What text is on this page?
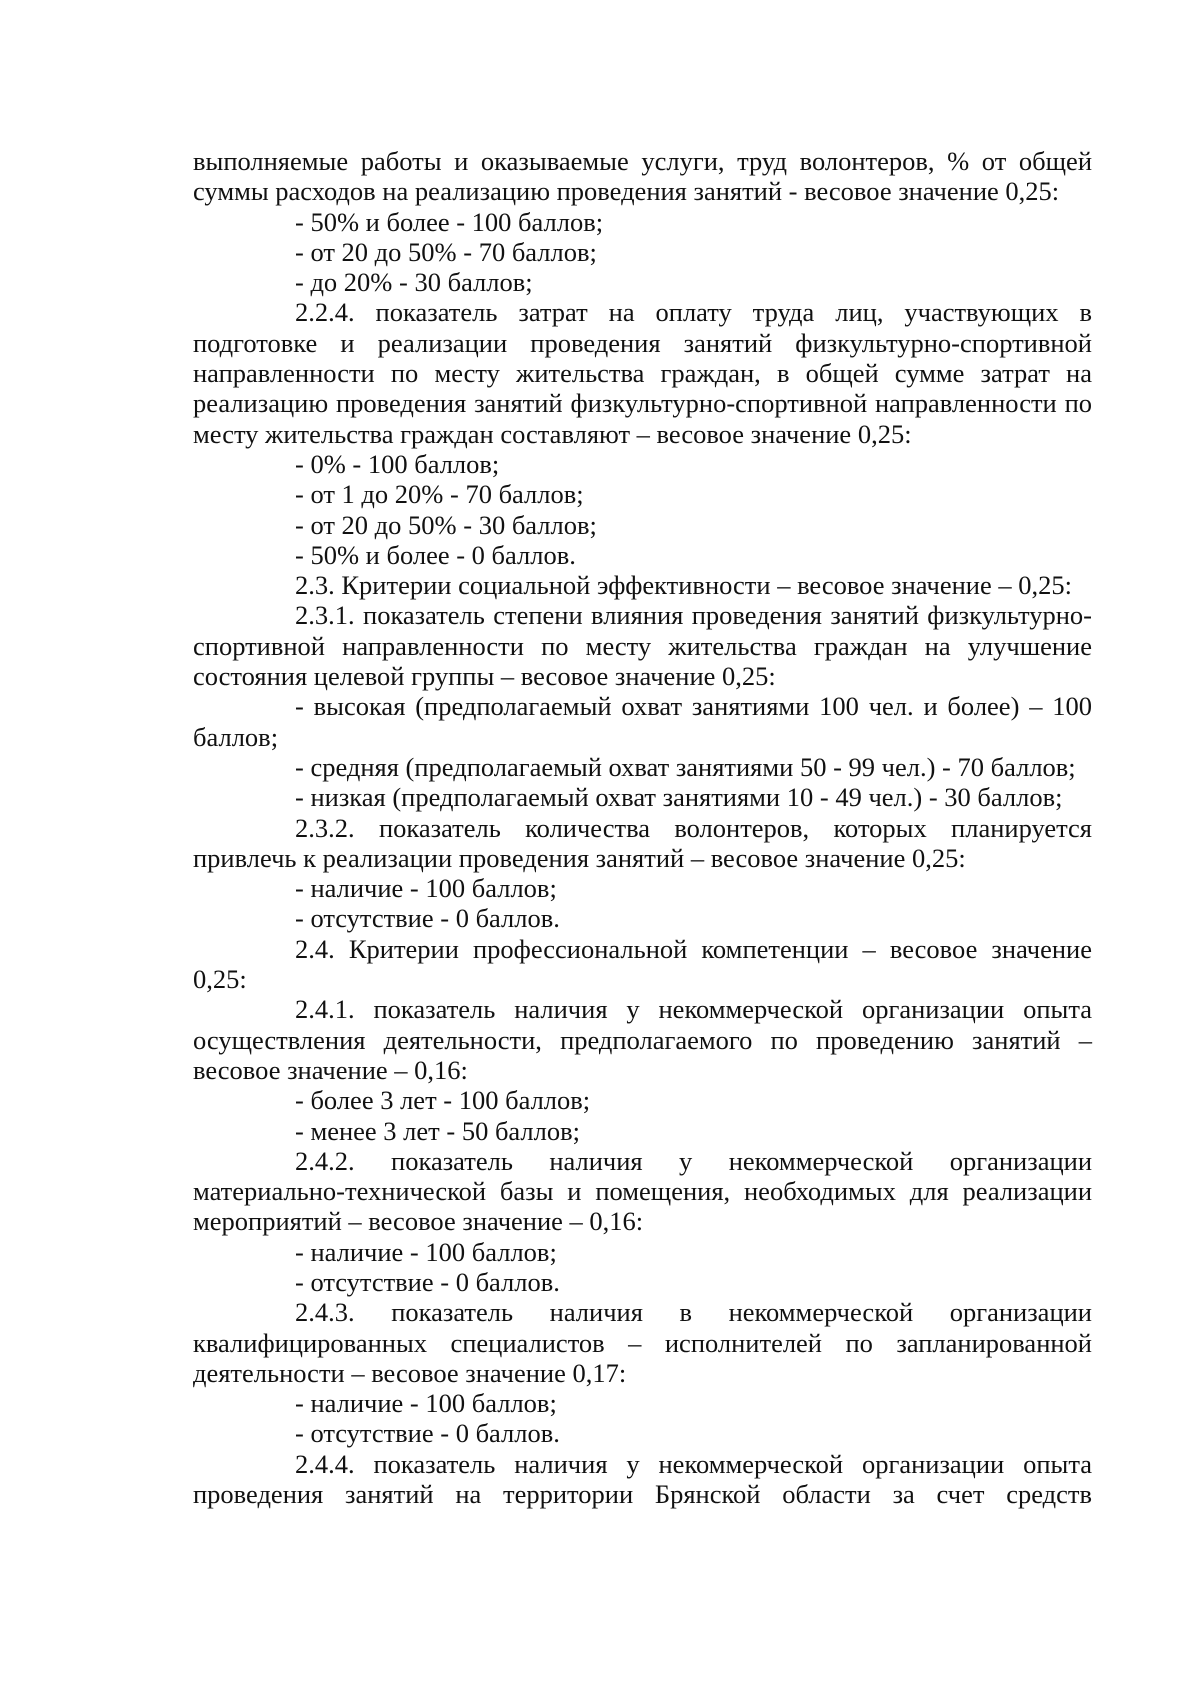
выполняемые работы и оказываемые услуги, труд волонтеров, % от общей суммы расходов на реализацию проведения занятий - весовое значение 0,25:

- 50% и более - 100 баллов;

- от 20 до 50% - 70 баллов;

- до 20% - 30 баллов;

2.2.4. показатель затрат на оплату труда лиц, участвующих в подготовке и реализации проведения занятий физкультурно-спортивной направленности по месту жительства граждан, в общей сумме затрат на реализацию проведения занятий физкультурно-спортивной направленности по месту жительства граждан составляют – весовое значение 0,25:

- 0% - 100 баллов;

- от 1 до 20% - 70 баллов;

- от 20 до 50% - 30 баллов;

- 50% и более - 0 баллов.

2.3. Критерии социальной эффективности – весовое значение – 0,25:

2.3.1. показатель степени влияния проведения занятий физкультурно-спортивной направленности по месту жительства граждан на улучшение состояния целевой группы – весовое значение 0,25:

- высокая (предполагаемый охват занятиями 100 чел. и более) – 100 баллов;

- средняя (предполагаемый охват занятиями 50 - 99 чел.) - 70 баллов;

- низкая (предполагаемый охват занятиями 10 - 49 чел.) - 30 баллов;

2.3.2. показатель количества волонтеров, которых планируется привлечь к реализации проведения занятий – весовое значение 0,25:

- наличие - 100 баллов;

- отсутствие - 0 баллов.

2.4. Критерии профессиональной компетенции – весовое значение 0,25:

2.4.1. показатель наличия у некоммерческой организации опыта осуществления деятельности, предполагаемого по проведению занятий – весовое значение – 0,16:

- более 3 лет - 100 баллов;

- менее 3 лет - 50 баллов;

2.4.2. показатель наличия у некоммерческой организации материально-технической базы и помещения, необходимых для реализации мероприятий – весовое значение – 0,16:

- наличие - 100 баллов;

- отсутствие - 0 баллов.

2.4.3. показатель наличия в некоммерческой организации квалифицированных специалистов – исполнителей по запланированной деятельности – весовое значение 0,17:

- наличие - 100 баллов;

- отсутствие - 0 баллов.

2.4.4. показатель наличия у некоммерческой организации опыта проведения занятий на территории Брянской области за счет средств
